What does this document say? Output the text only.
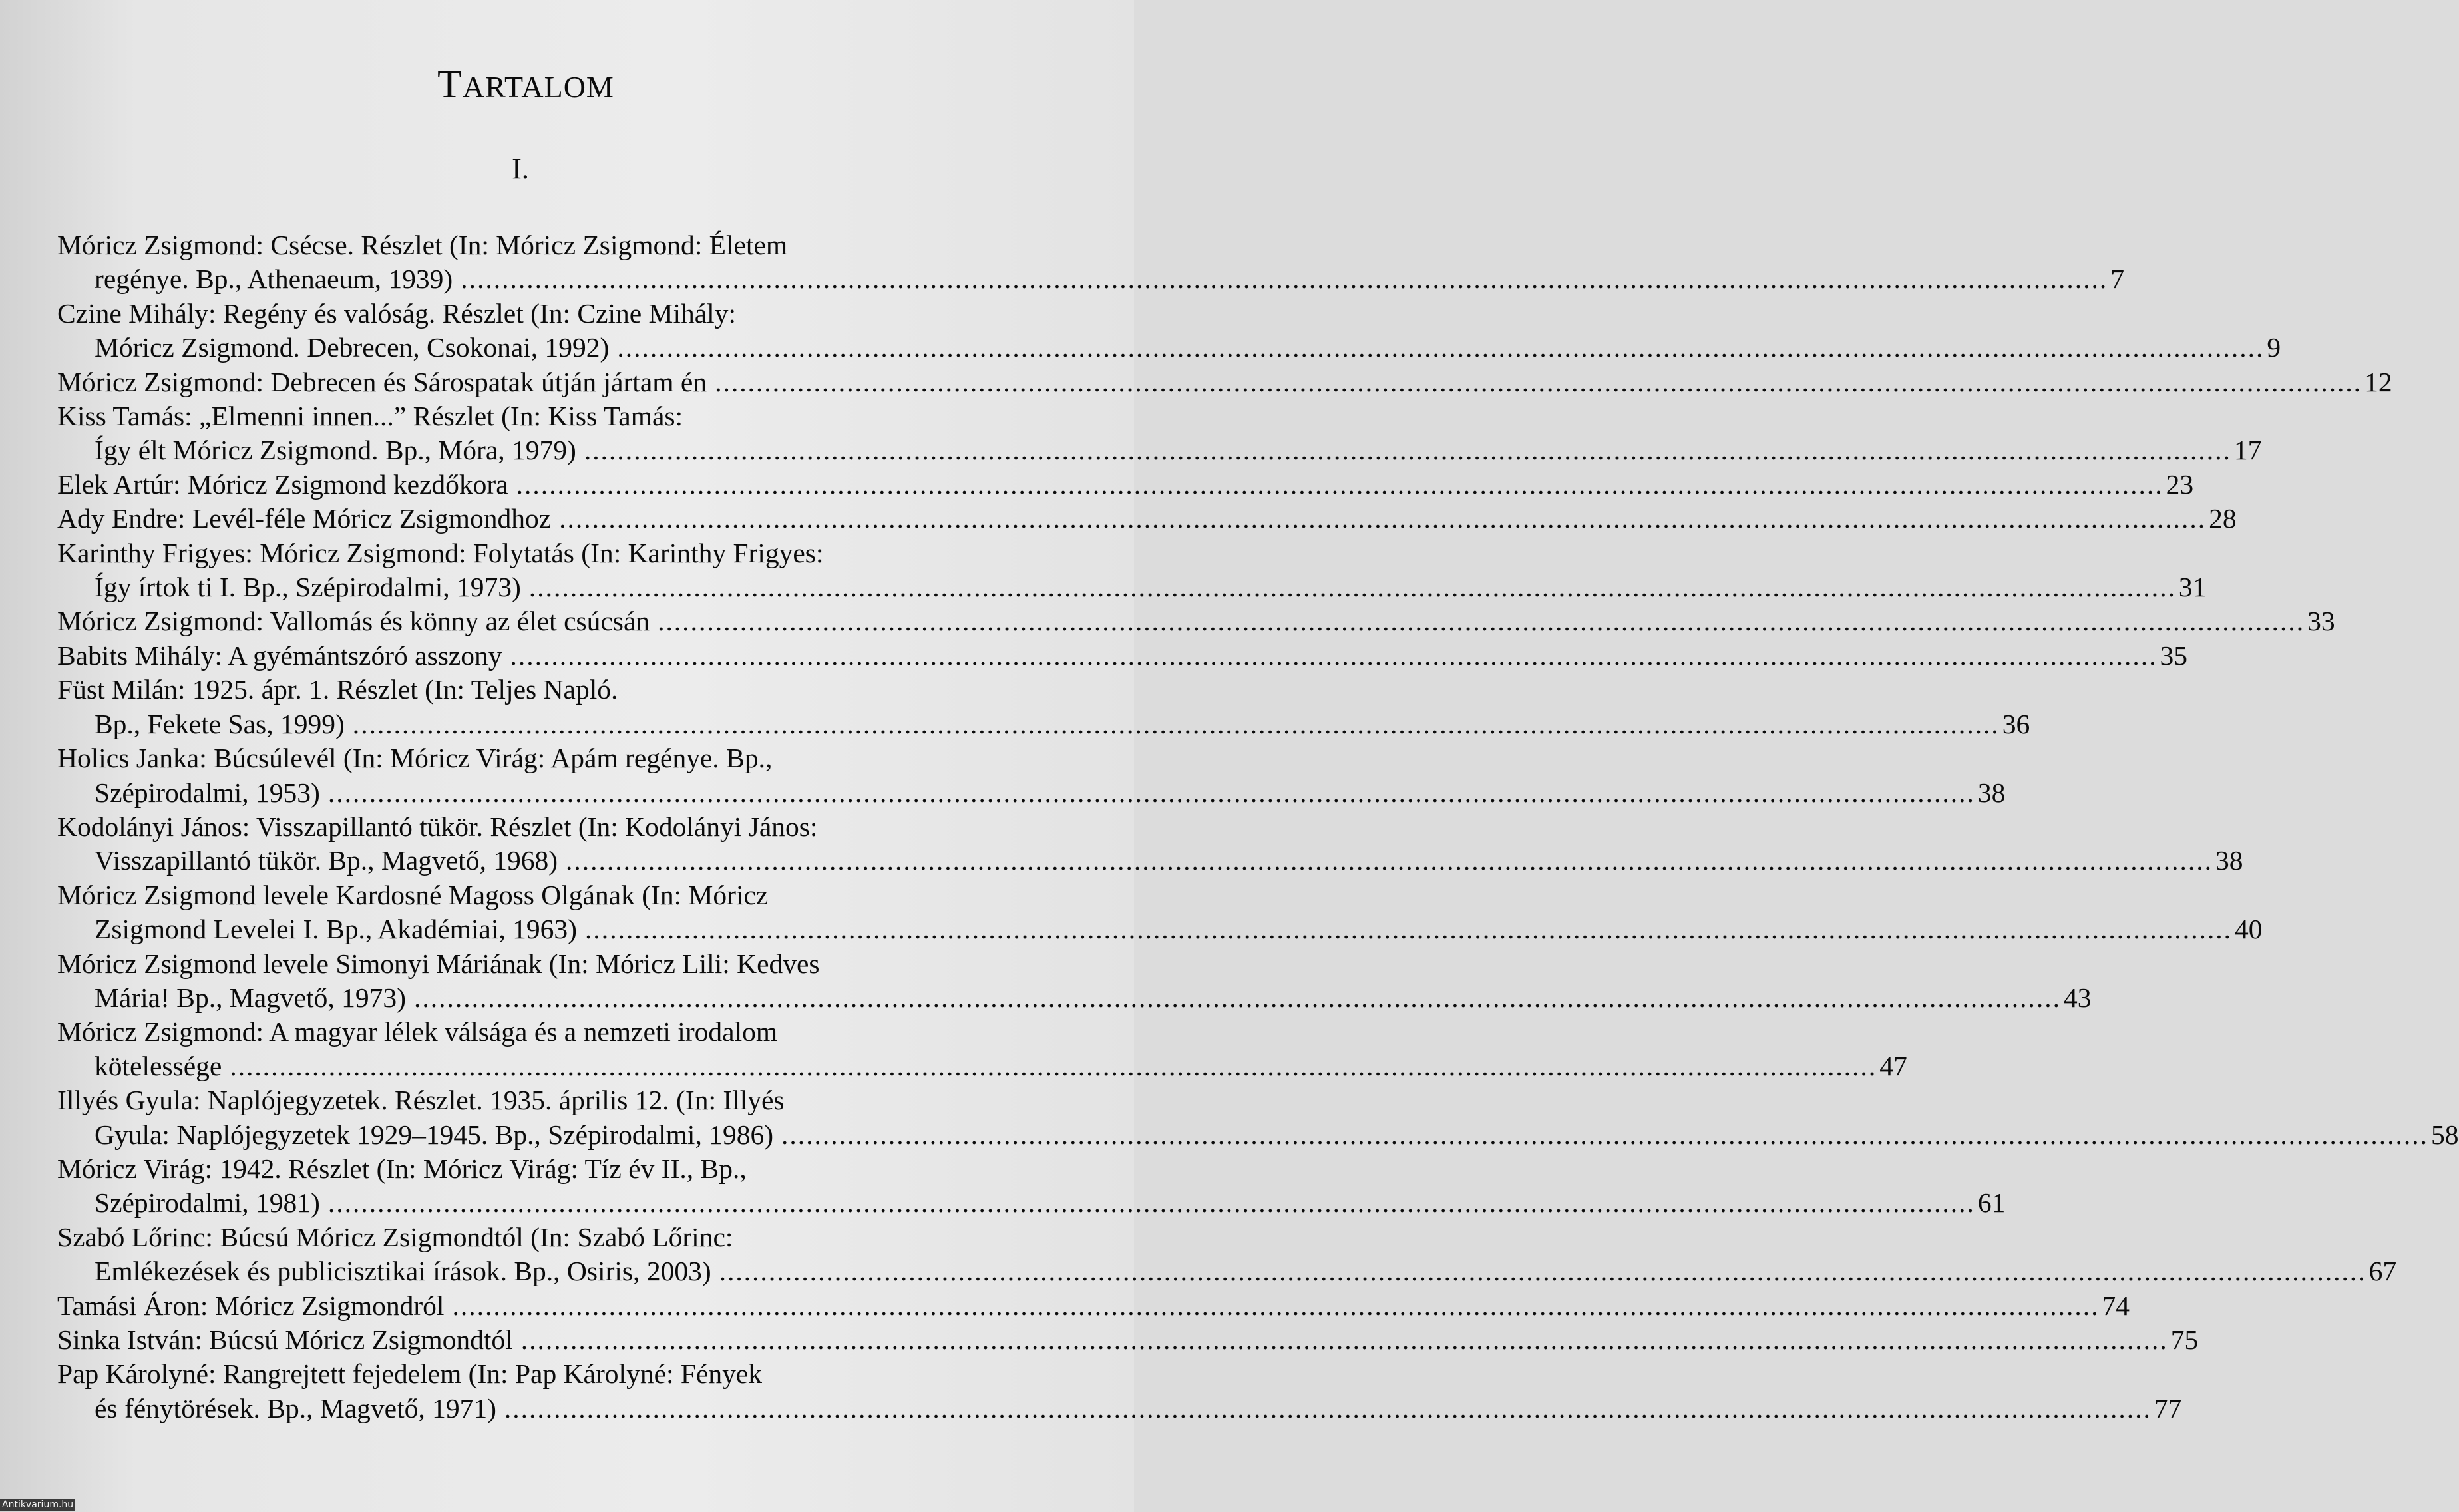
TARTALOM
I.
Móricz Zsigmond: Csécse. Részlet (In: Móricz Zsigmond: Életem
regénye. Bp., Athenaeum, 1939) ........................................................................................................................................................................................................ 7
Czine Mihály: Regény és valóság. Részlet (In: Czine Mihály:
Móricz Zsigmond. Debrecen, Csokonai, 1992) ........................................................................................................................................................................................................ 9
Móricz Zsigmond: Debrecen és Sárospatak útján jártam én ........................................................................................................................................................................................................ 12
Kiss Tamás: „Elmenni innen...” Részlet (In: Kiss Tamás:
Így élt Móricz Zsigmond. Bp., Móra, 1979) ........................................................................................................................................................................................................ 17
Elek Artúr: Móricz Zsigmond kezdőkora ........................................................................................................................................................................................................ 23
Ady Endre: Levél-féle Móricz Zsigmondhoz ........................................................................................................................................................................................................ 28
Karinthy Frigyes: Móricz Zsigmond: Folytatás (In: Karinthy Frigyes:
Így írtok ti I. Bp., Szépirodalmi, 1973) ........................................................................................................................................................................................................ 31
Móricz Zsigmond: Vallomás és könny az élet csúcsán ........................................................................................................................................................................................................ 33
Babits Mihály: A gyémántszóró asszony ........................................................................................................................................................................................................ 35
Füst Milán: 1925. ápr. 1. Részlet (In: Teljes Napló.
Bp., Fekete Sas, 1999) ........................................................................................................................................................................................................ 36
Holics Janka: Búcsúlevél (In: Móricz Virág: Apám regénye. Bp.,
Szépirodalmi, 1953) ........................................................................................................................................................................................................ 38
Kodolányi János: Visszapillantó tükör. Részlet (In: Kodolányi János:
Visszapillantó tükör. Bp., Magvető, 1968) ........................................................................................................................................................................................................ 38
Móricz Zsigmond levele Kardosné Magoss Olgának (In: Móricz
Zsigmond Levelei I. Bp., Akadémiai, 1963) ........................................................................................................................................................................................................ 40
Móricz Zsigmond levele Simonyi Máriának (In: Móricz Lili: Kedves
Mária! Bp., Magvető, 1973) ........................................................................................................................................................................................................ 43
Móricz Zsigmond: A magyar lélek válsága és a nemzeti irodalom
kötelessége ........................................................................................................................................................................................................ 47
Illyés Gyula: Naplójegyzetek. Részlet. 1935. április 12. (In: Illyés
Gyula: Naplójegyzetek 1929–1945. Bp., Szépirodalmi, 1986) ........................................................................................................................................................................................................ 58
Móricz Virág: 1942. Részlet (In: Móricz Virág: Tíz év II., Bp.,
Szépirodalmi, 1981) ........................................................................................................................................................................................................ 61
Szabó Lőrinc: Búcsú Móricz Zsigmondtól (In: Szabó Lőrinc:
Emlékezések és publicisztikai írások. Bp., Osiris, 2003) ........................................................................................................................................................................................................ 67
Tamási Áron: Móricz Zsigmondról ........................................................................................................................................................................................................ 74
Sinka István: Búcsú Móricz Zsigmondtól ........................................................................................................................................................................................................ 75
Pap Károlyné: Rangrejtett fejedelem (In: Pap Károlyné: Fények
és fénytörések. Bp., Magvető, 1971) ........................................................................................................................................................................................................ 77
Antikvarium.hu
